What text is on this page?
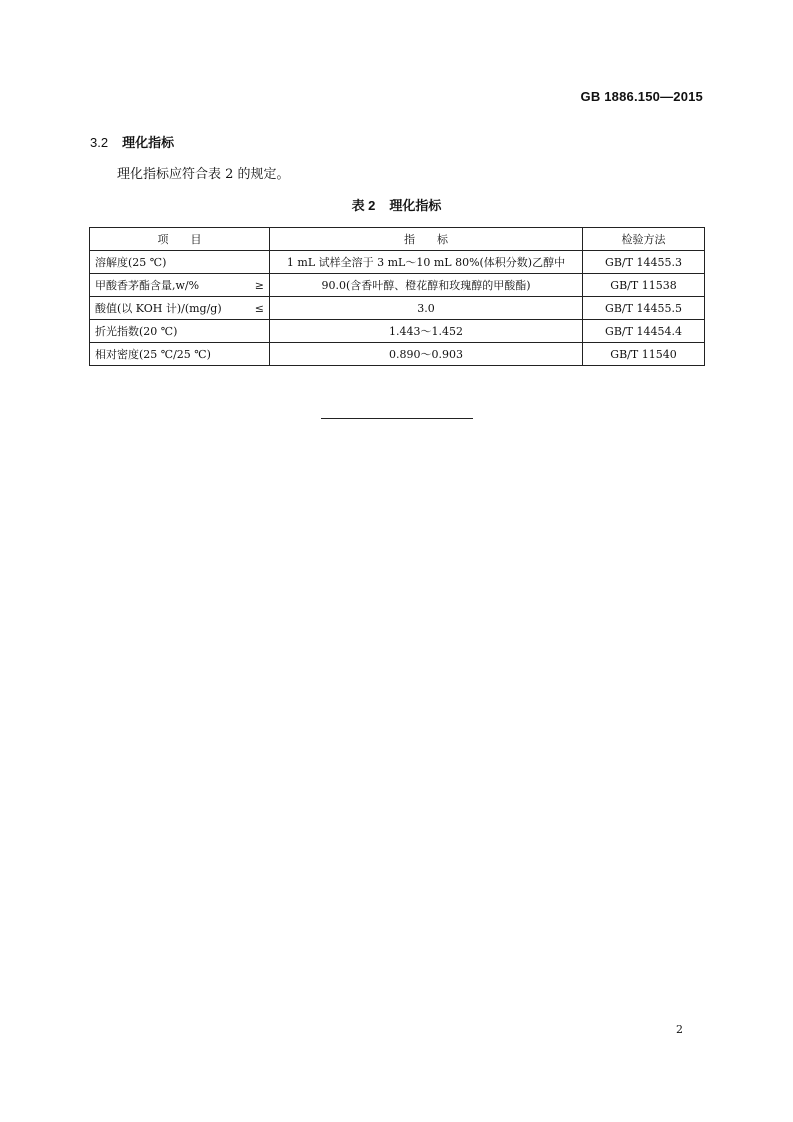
GB 1886.150—2015
3.2 理化指标
理化指标应符合表 2 的规定。
表 2 理化指标
项　　目	指　　标	检验方法

溶解度(25 ℃)	1 mL 试样全溶于 3 mL～10 mL 80%(体积分数)乙醇中	GB/T 14455.3

甲酸香茅酯含量,w/% ≥	90.0(含香叶醇、橙花醇和玫瑰醇的甲酸酯)	GB/T 11538

酸值(以 KOH 计)/(mg/g) ≤	3.0	GB/T 14455.5

折光指数(20 ℃)	1.443～1.452	GB/T 14454.4

相对密度(25 ℃/25 ℃)	0.890～0.903	GB/T 11540
2
